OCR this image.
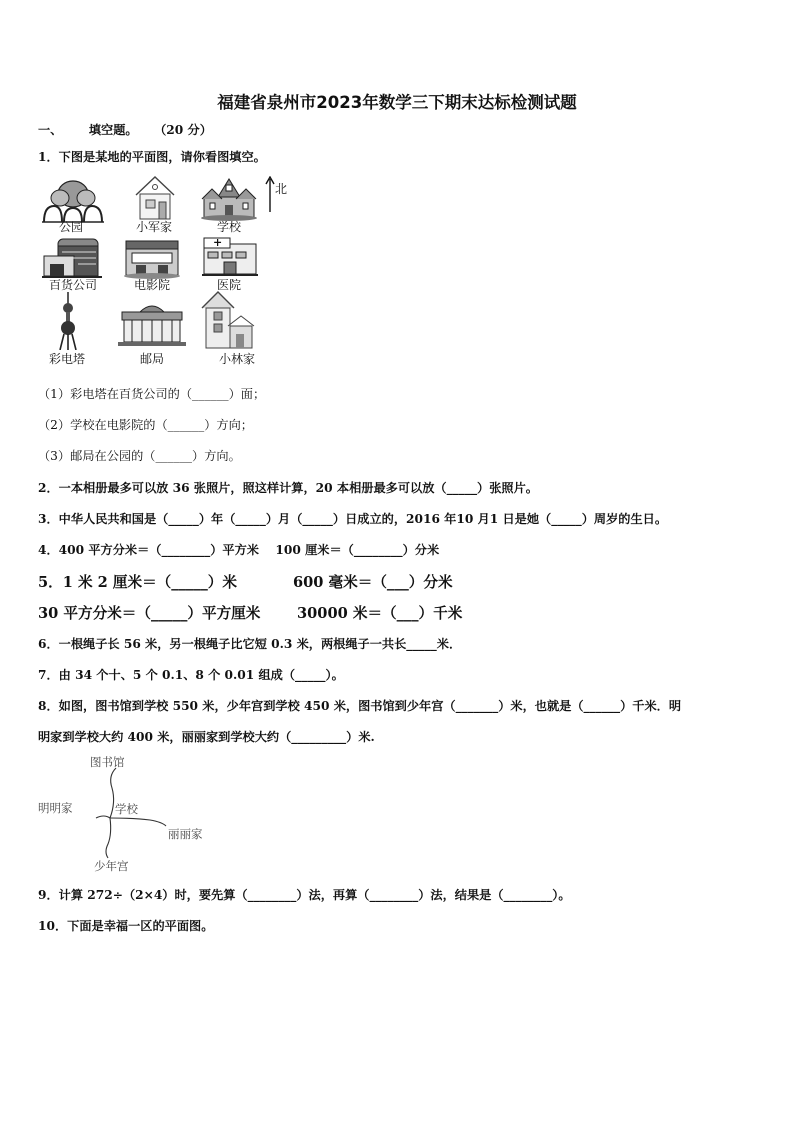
福建省泉州市2023年数学三下期末达标检测试题
一、 填空题。 （20 分）
1．下图是某地的平面图，请你看图填空。
公园	小军家	学校
北
百货公司	电影院
+
医院
彩电塔	邮局	小林家
（1）彩电塔在百货公司的（______）面；
（2）学校在电影院的（______）方向；
（3）邮局在公园的（______）方向。
2．一本相册最多可以放 36 张照片，照这样计算，20 本相册最多可以放（_____）张照片。
3．中华人民共和国是（_____）年（_____）月（_____）日成立的，2016 年10 月1 日是她（_____）周岁的生日。
4．400 平方分米＝（________）平方米　 100 厘米＝（________）分米
5．1 米 2 厘米＝（_____）米	600 毫米＝（___）分米
30 平方分米＝（_____）平方厘米	30000 米＝（___）千米
6．一根绳子长 56 米，另一根绳子比它短 0.3 米，两根绳子一共长_____米．
7．由 34 个十、5 个 0.1、8 个 0.01 组成（_____）。
8．如图，图书馆到学校 550 米，少年宫到学校 450 米，图书馆到少年宫（_______）米，也就是（______）千米．明
明家到学校大约 400 米，丽丽家到学校大约（_________）米.
图书馆
明明家	学校
丽丽家
少年宫
9．计算 272÷（2×4）时，要先算（________）法，再算（________）法，结果是（________）。
10．下面是幸福一区的平面图。
